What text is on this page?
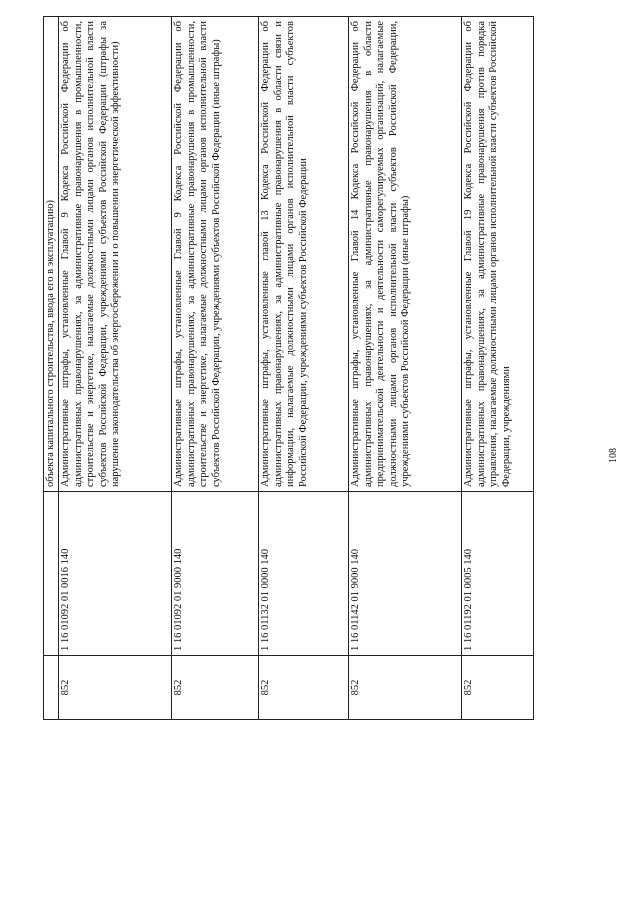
108
		объекта капитального строительства, ввода его в эксплуатацию)
852	1 16 01092 01 0016 140	Административные штрафы, установленные Главой 9 Кодекса Российской Федерации об административных правонарушениях, за административные правонарушения в промышленности, строительстве и энергетике, налагаемые должностными лицами органов исполнительной власти субъектов Российской Федерации, учреждениями субъектов Российской Федерации (штрафы за нарушение законодательства об энергосбережении и о повышении энергетической эффективности)
852	1 16 01092 01 9000 140	Административные штрафы, установленные Главой 9 Кодекса Российской Федерации об административных правонарушениях, за административные правонарушения в промышленности, строительстве и энергетике, налагаемые должностными лицами органов исполнительной власти субъектов Российской Федерации, учреждениями субъектов Российской Федерации (иные штрафы)
852	1 16 01132 01 0000 140	Административные штрафы, установленные главой 13 Кодекса Российской Федерации об административных правонарушениях, за административные правонарушения в области связи и информации, налагаемые должностными лицами органов исполнительной власти субъектов Российской Федерации, учреждениями субъектов Российской Федерации
852	1 16 01142 01 9000 140	Административные штрафы, установленные Главой 14 Кодекса Российской Федерации об административных правонарушениях, за административные правонарушения в области предпринимательской деятельности и деятельности саморегулируемых организаций, налагаемые должностными лицами органов исполнительной власти субъектов Российской Федерации, учреждениями субъектов Российской Федерации (иные штрафы)
852	1 16 01192 01 0005 140	Административные штрафы, установленные Главой 19 Кодекса Российской Федерации об административных правонарушениях, за административные правонарушения против порядка управления, налагаемые должностными лицами органов исполнительной власти субъектов Российской Федерации, учреждениями
